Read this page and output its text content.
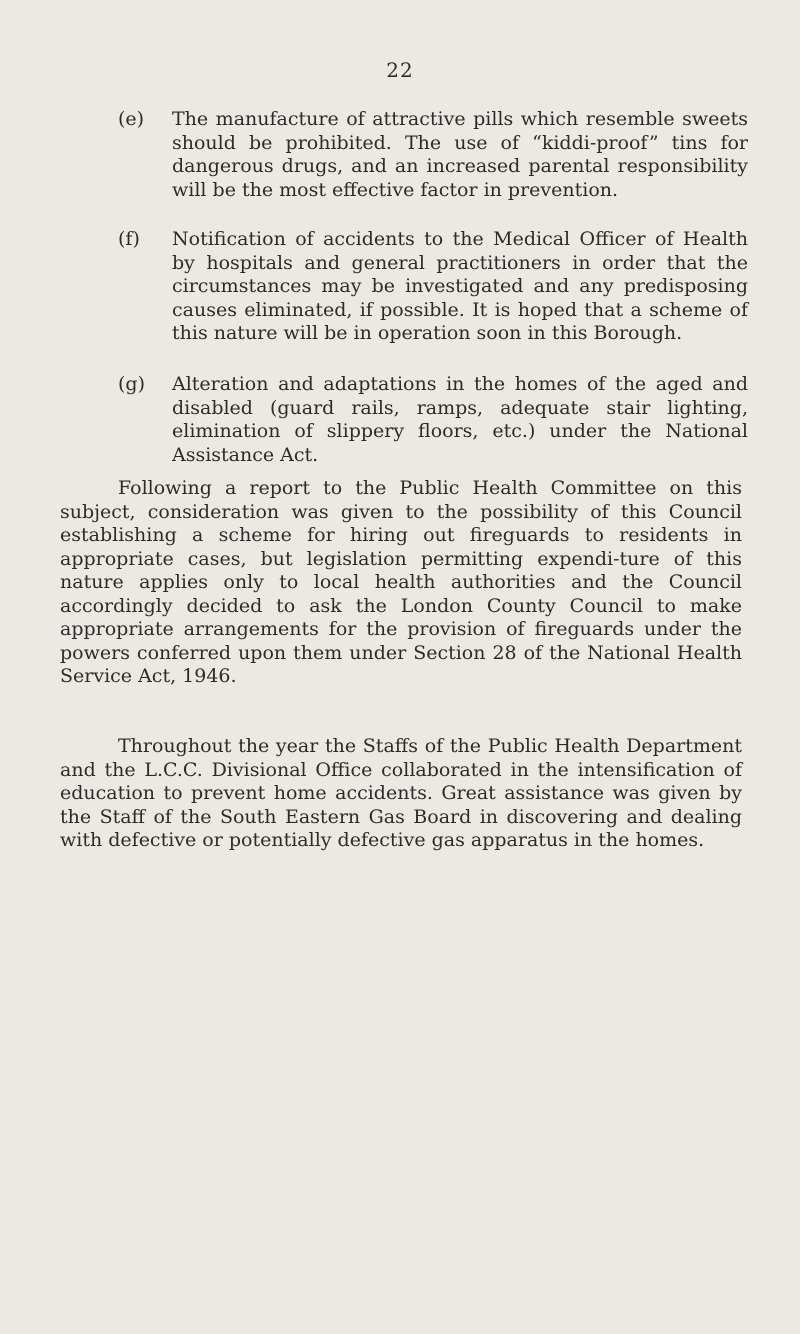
22
(e)	The manufacture of attractive pills which resemble sweets should be prohibited. The use of “kiddi-proof” tins for dangerous drugs, and an increased parental responsibility will be the most effective factor in prevention.
(f)	Notification of accidents to the Medical Officer of Health by hospitals and general practitioners in order that the circumstances may be investigated and any predisposing causes eliminated, if possible. It is hoped that a scheme of this nature will be in operation soon in this Borough.
(g)	Alteration and adaptations in the homes of the aged and disabled (guard rails, ramps, adequate stair lighting, elimination of slippery floors, etc.) under the National Assistance Act.

Following a report to the Public Health Committee on this subject, consideration was given to the possibility of this Council establishing a scheme for hiring out fireguards to residents in appropriate cases, but legislation permitting expendi-ture of this nature applies only to local health authorities and the Council accordingly decided to ask the London County Council to make appropriate arrangements for the provision of fireguards under the powers conferred upon them under Section 28 of the National Health Service Act, 1946.

Throughout the year the Staffs of the Public Health Department and the L.C.C. Divisional Office collaborated in the intensification of education to prevent home accidents. Great assistance was given by the Staff of the South Eastern Gas Board in discovering and dealing with defective or potentially defective gas apparatus in the homes.
